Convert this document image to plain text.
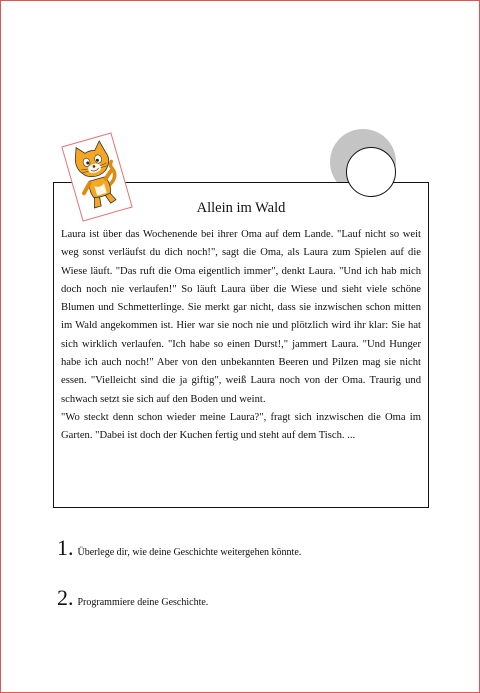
Allein im Wald

Laura ist über das Wochenende bei ihrer Oma auf dem Lande. "Lauf nicht so weit weg sonst verläufst du dich noch!", sagt die Oma, als Laura zum Spielen auf die Wiese läuft. "Das ruft die Oma eigentlich immer", denkt Laura. "Und ich hab mich doch noch nie verlaufen!" So läuft Laura über die Wiese und sieht viele schöne Blumen und Schmetterlinge. Sie merkt gar nicht, dass sie inzwischen schon mitten im Wald angekommen ist. Hier war sie noch nie und plötzlich wird ihr klar: Sie hat sich wirklich verlaufen. "Ich habe so einen Durst!," jammert Laura. "Und Hunger habe ich auch noch!" Aber von den unbekannten Beeren und Pilzen mag sie nicht essen. "Vielleicht sind die ja giftig", weiß Laura noch von der Oma. Traurig und schwach setzt sie sich auf den Boden und weint.

"Wo steckt denn schon wieder meine Laura?", fragt sich inzwischen die Oma im Garten. "Dabei ist doch der Kuchen fertig und steht auf dem Tisch. ...

1. Überlege dir, wie deine Geschichte weitergehen könnte.
2. Programmiere deine Geschichte.
